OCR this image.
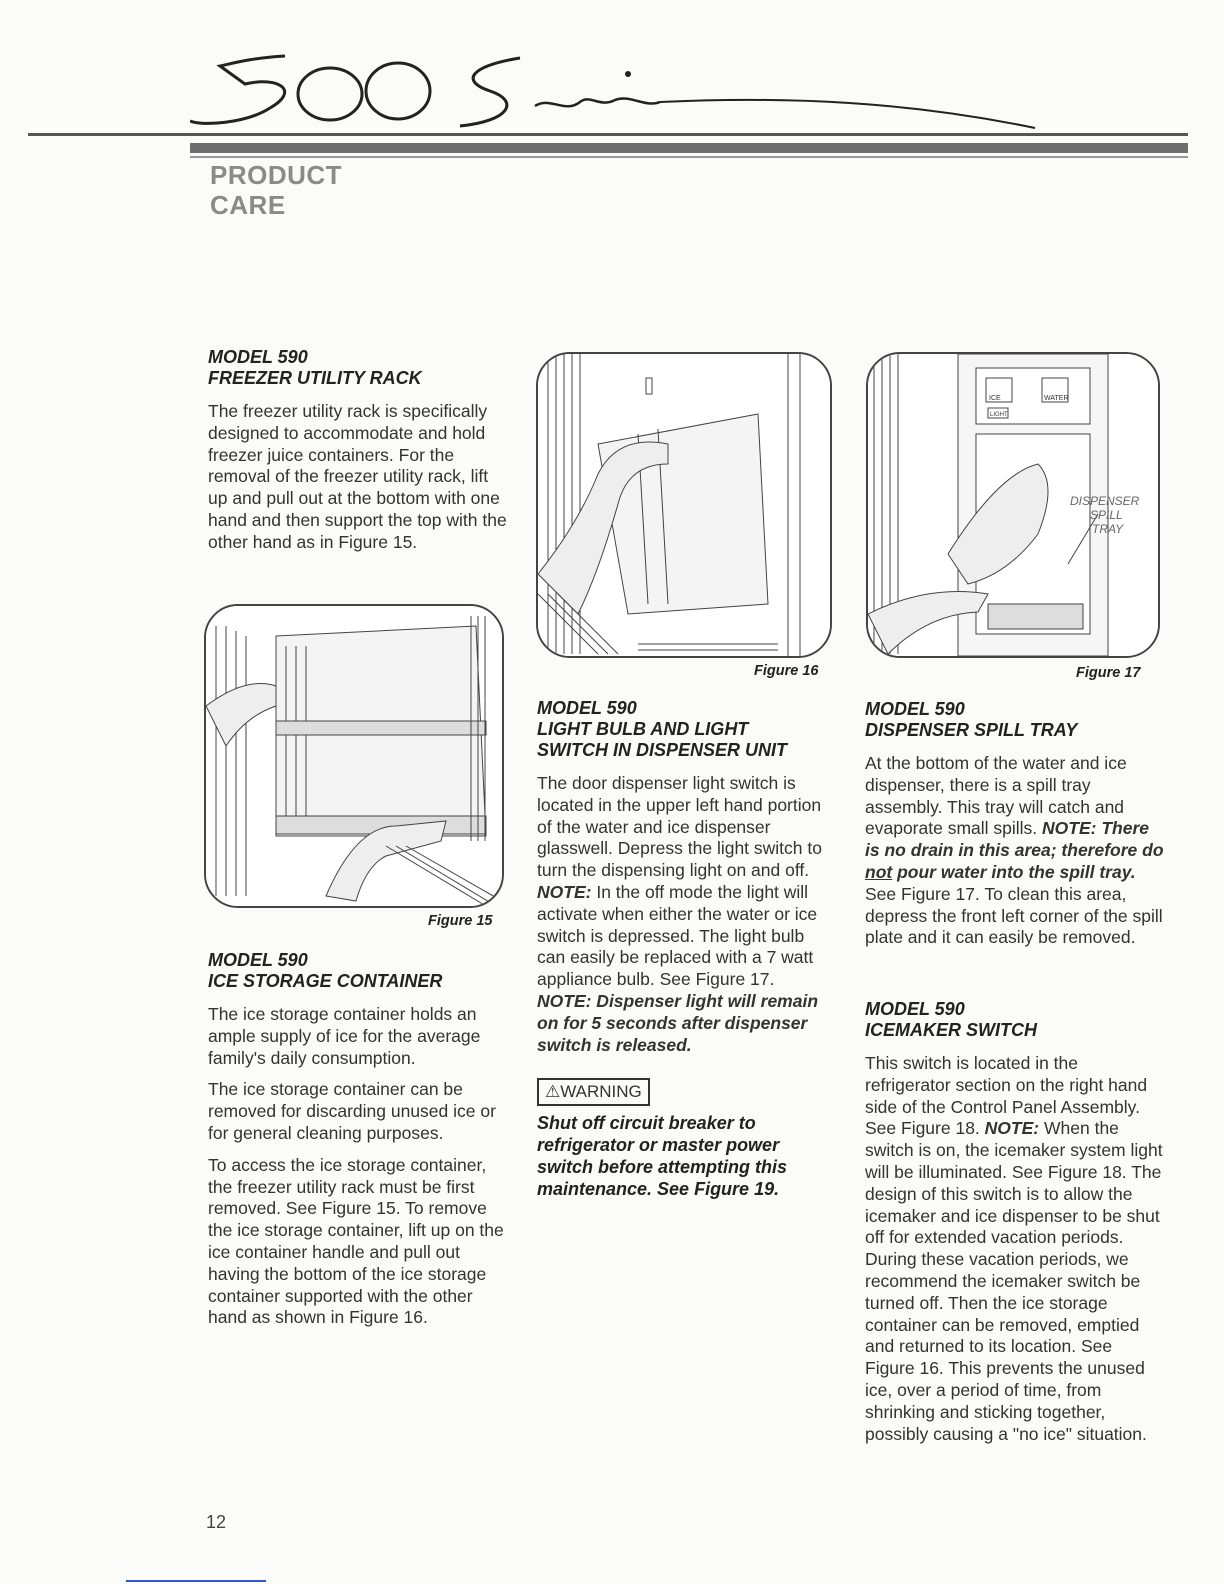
PRODUCT
CARE
MODEL 590
FREEZER UTILITY RACK
The freezer utility rack is specifically designed to accommodate and hold freezer juice containers. For the removal of the freezer utility rack, lift up and pull out at the bottom with one hand and then support the top with the other hand as in Figure 15.
Figure 15
MODEL 590
ICE STORAGE CONTAINER
The ice storage container holds an ample supply of ice for the average family's daily consumption.
The ice storage container can be removed for discarding unused ice or for general cleaning purposes.
To access the ice storage container, the freezer utility rack must be first removed. See Figure 15. To remove the ice storage container, lift up on the ice container handle and pull out having the bottom of the ice storage container supported with the other hand as shown in Figure 16.
Figure 16
MODEL 590
LIGHT BULB AND LIGHT
SWITCH IN DISPENSER UNIT
The door dispenser light switch is located in the upper left hand portion of the water and ice dispenser glasswell. Depress the light switch to turn the dispensing light on and off. NOTE: In the off mode the light will activate when either the water or ice switch is depressed. The light bulb can easily be replaced with a 7 watt appliance bulb. See Figure 17. NOTE: Dispenser light will remain on for 5 seconds after dispenser switch is released.
⚠WARNING
Shut off circuit breaker to refrigerator or master power switch before attempting this maintenance. See Figure 19.
ICE	WATER
LIGHT
DISPENSER
SPILL
TRAY
Figure 17
MODEL 590
DISPENSER SPILL TRAY
At the bottom of the water and ice dispenser, there is a spill tray assembly. This tray will catch and evaporate small spills. NOTE: There is no drain in this area; therefore do not pour water into the spill tray. See Figure 17. To clean this area, depress the front left corner of the spill plate and it can easily be removed.
MODEL 590
ICEMAKER SWITCH
This switch is located in the refrigerator section on the right hand side of the Control Panel Assembly. See Figure 18. NOTE: When the switch is on, the icemaker system light will be illuminated. See Figure 18. The design of this switch is to allow the icemaker and ice dispenser to be shut off for extended vacation periods. During these vacation periods, we recommend the icemaker switch be turned off. Then the ice storage container can be removed, emptied and returned to its location. See Figure 16. This prevents the unused ice, over a period of time, from shrinking and sticking together, possibly causing a "no ice" situation.
12
